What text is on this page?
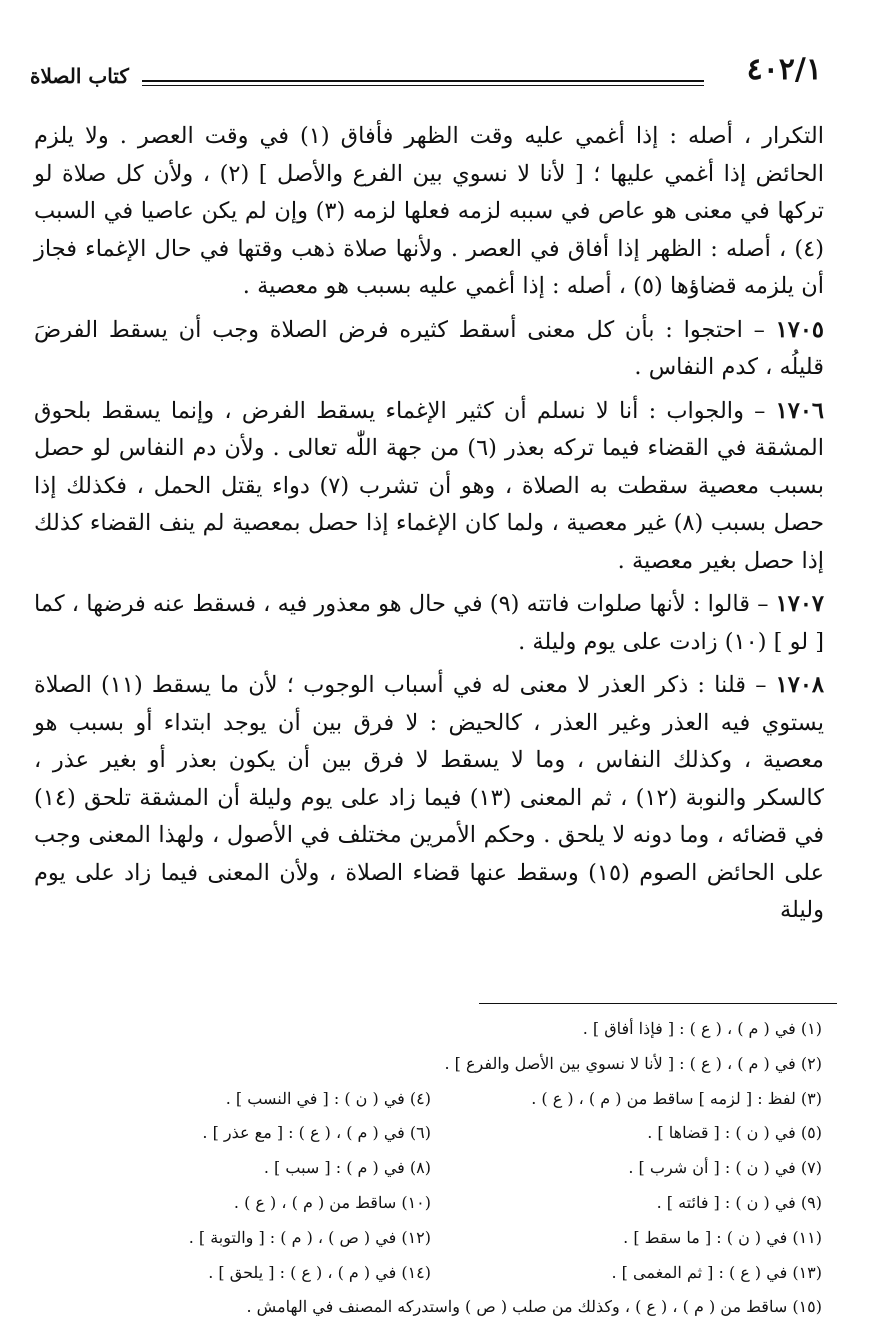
٤٠٢/١
كتاب الصلاة

التكرار ، أصله : إذا أغمي عليه وقت الظهر فأفاق (١) في وقت العصر . ولا يلزم الحائض إذا أغمي عليها ؛ [ لأنا لا نسوي بين الفرع والأصل ] (٢) ، ولأن كل صلاة لو تركها في معنى هو عاص في سببه لزمه فعلها لزمه (٣) وإن لم يكن عاصيا في السبب (٤) ، أصله : الظهر إذا أفاق في العصر . ولأنها صلاة ذهب وقتها في حال الإغماء فجاز أن يلزمه قضاؤها (٥) ، أصله : إذا أغمي عليه بسبب هو معصية .

١٧٠٥ – احتجوا : بأن كل معنى أسقط كثيره فرض الصلاة وجب أن يسقط الفرضَ قليلُه ، كدم النفاس .

١٧٠٦ – والجواب : أنا لا نسلم أن كثير الإغماء يسقط الفرض ، وإنما يسقط بلحوق المشقة في القضاء فيما تركه بعذر (٦) من جهة اللّٰه تعالى . ولأن دم النفاس لو حصل بسبب معصية سقطت به الصلاة ، وهو أن تشرب (٧) دواء يقتل الحمل ، فكذلك إذا حصل بسبب (٨) غير معصية ، ولما كان الإغماء إذا حصل بمعصية لم ينف القضاء كذلك إذا حصل بغير معصية .

١٧٠٧ – قالوا : لأنها صلوات فاتته (٩) في حال هو معذور فيه ، فسقط عنه فرضها ، كما [ لو ] (١٠) زادت على يوم وليلة .

١٧٠٨ – قلنا : ذكر العذر لا معنى له في أسباب الوجوب ؛ لأن ما يسقط (١١) الصلاة يستوي فيه العذر وغير العذر ، كالحيض : لا فرق بين أن يوجد ابتداء أو بسبب هو معصية ، وكذلك النفاس ، وما لا يسقط لا فرق بين أن يكون بعذر أو بغير عذر ، كالسكر والنوبة (١٢) ، ثم المعنى (١٣) فيما زاد على يوم وليلة أن المشقة تلحق (١٤) في قضائه ، وما دونه لا يلحق . وحكم الأمرين مختلف في الأصول ، ولهذا المعنى وجب على الحائض الصوم (١٥) وسقط عنها قضاء الصلاة ، ولأن المعنى فيما زاد على يوم وليلة

(١) في ( م ) ، ( ع ) : [ فإذا أفاق ] .
(٢) في ( م ) ، ( ع ) : [ لأنا لا نسوي بين الأصل والفرع ] .
(٣) لفظ : [ لزمه ] ساقط من ( م ) ، ( ع ) .
(٤) في ( ن ) : [ في النسب ] .
(٥) في ( ن ) : [ قضاها ] .
(٦) في ( م ) ، ( ع ) : [ مع عذر ] .
(٧) في ( ن ) : [ أن شرب ] .
(٨) في ( م ) : [ سبب ] .
(٩) في ( ن ) : [ فائته ] .
(١٠) ساقط من ( م ) ، ( ع ) .
(١١) في ( ن ) : [ ما سقط ] .
(١٢) في ( ص ) ، ( م ) : [ والتوبة ] .
(١٣) في ( ع ) : [ ثم المغمى ] .
(١٤) في ( م ) ، ( ع ) : [ يلحق ] .
(١٥) ساقط من ( م ) ، ( ع ) ، وكذلك من صلب ( ص ) واستدركه المصنف في الهامش .
